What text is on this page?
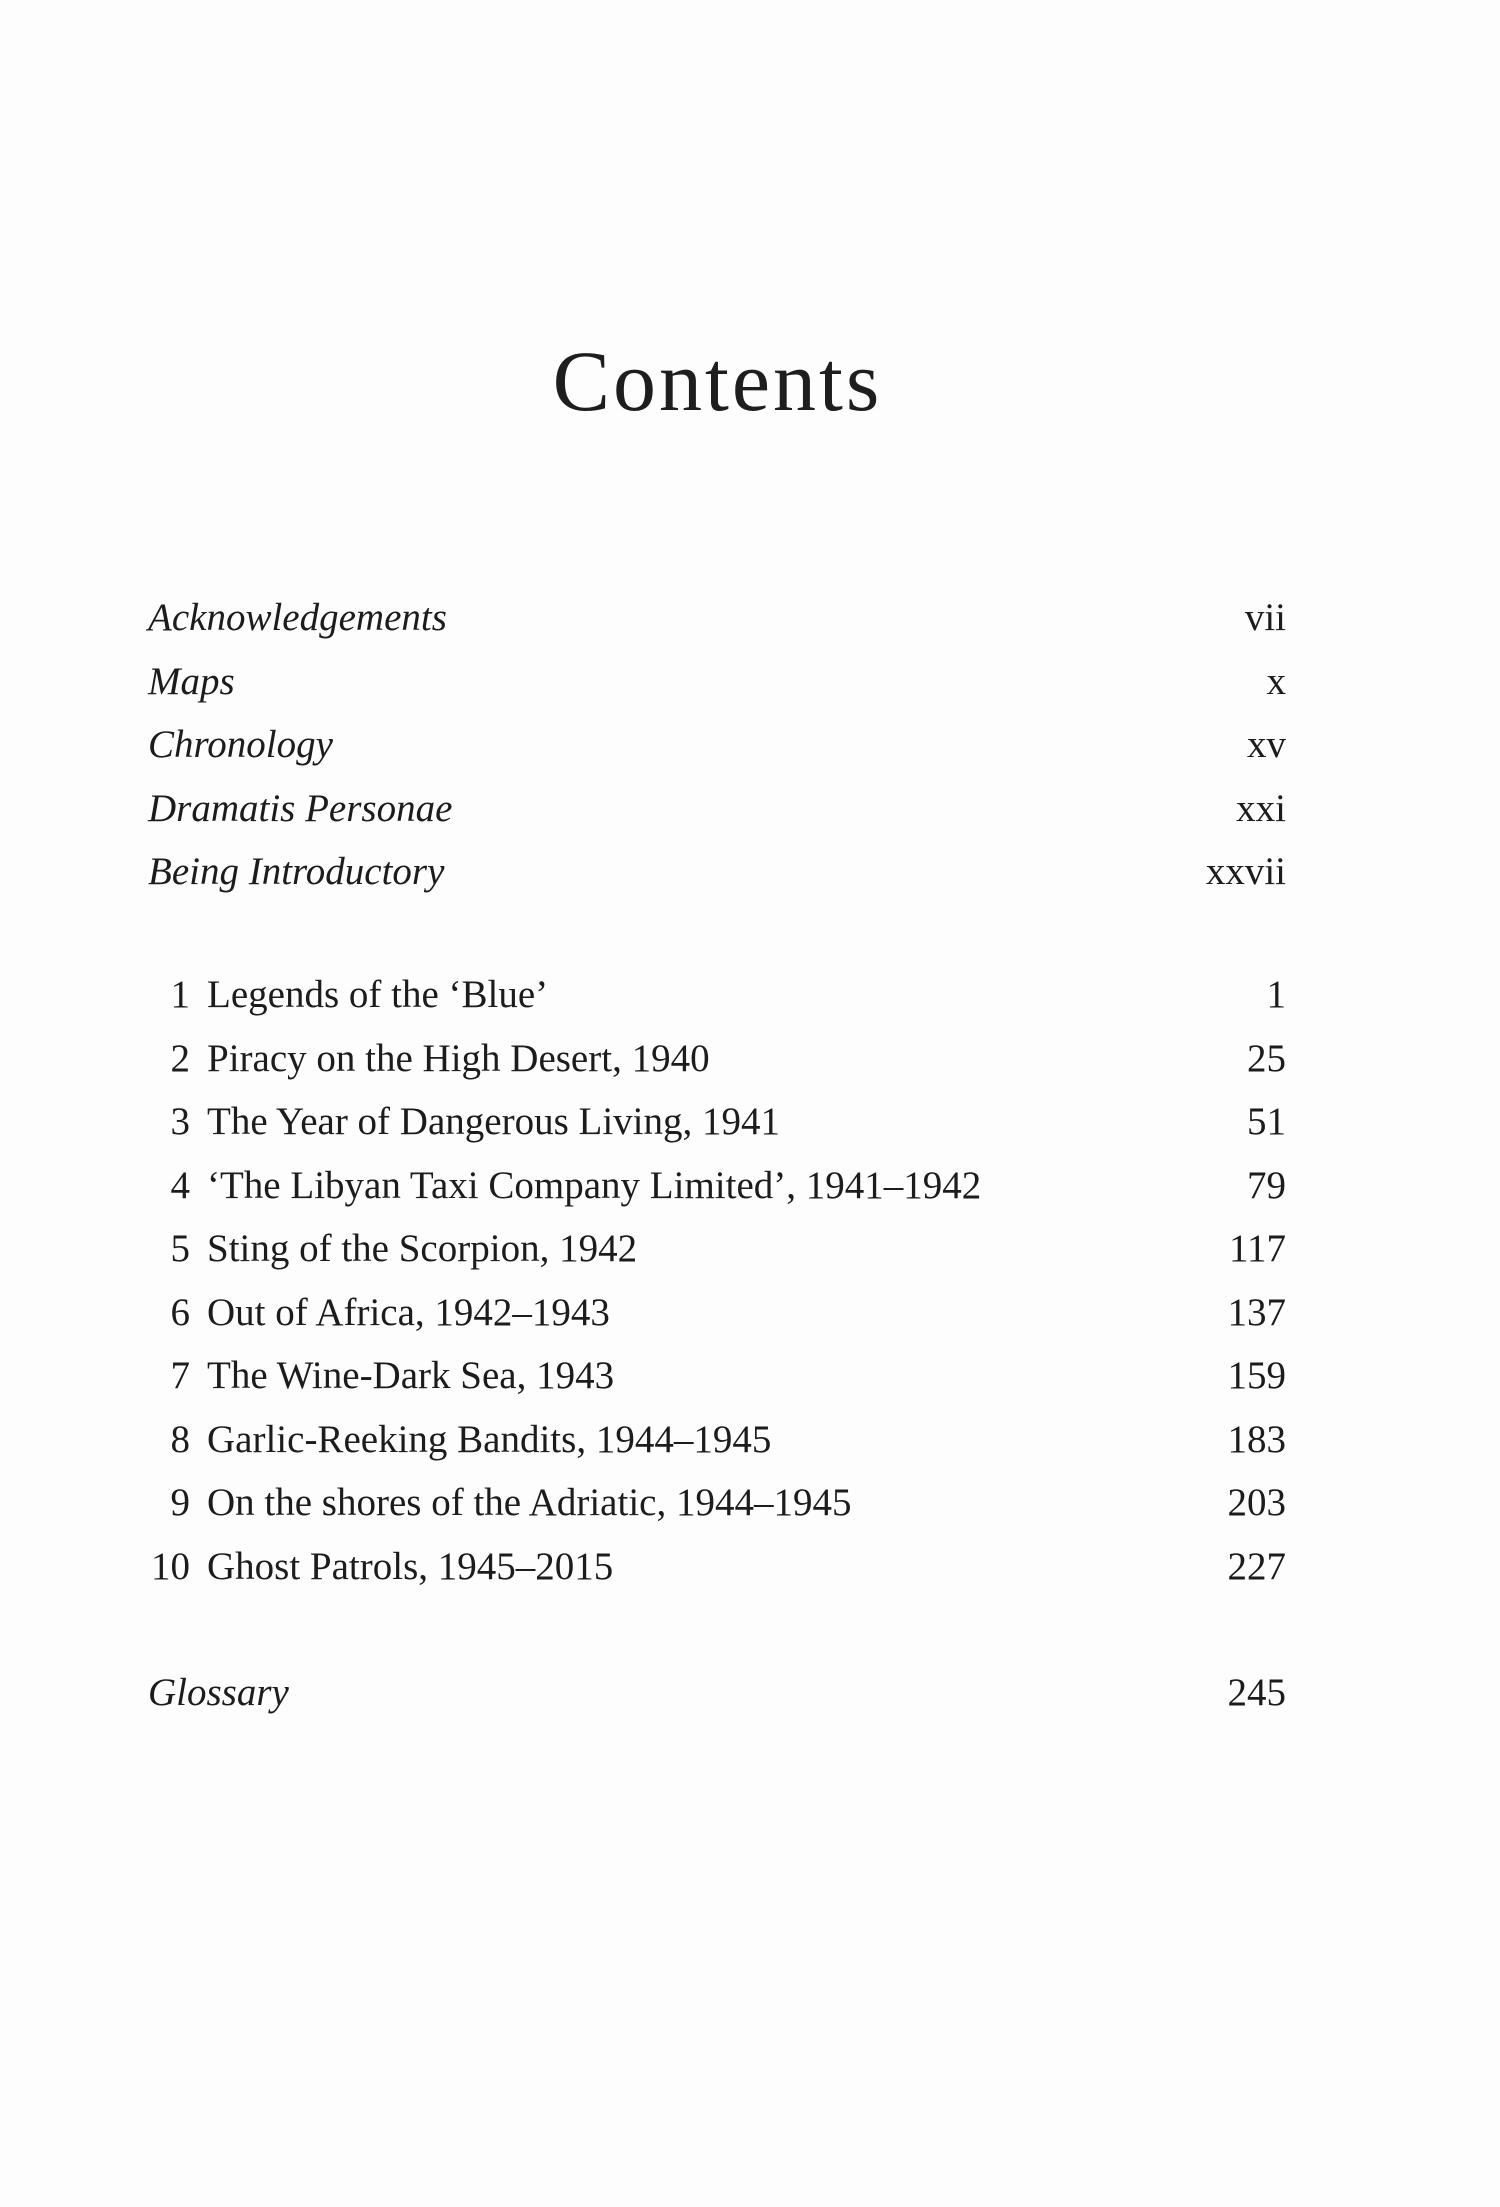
Contents
Acknowledgements	vii
Maps	x
Chronology	xv
Dramatis Personae	xxi
Being Introductory	xxvii
1 Legends of the ‘Blue’	1
2 Piracy on the High Desert, 1940	25
3 The Year of Dangerous Living, 1941	51
4 ‘The Libyan Taxi Company Limited’, 1941–1942	79
5 Sting of the Scorpion, 1942	117
6 Out of Africa, 1942–1943	137
7 The Wine-Dark Sea, 1943	159
8 Garlic-Reeking Bandits, 1944–1945	183
9 On the shores of the Adriatic, 1944–1945	203
10 Ghost Patrols, 1945–2015	227
Glossary	245
